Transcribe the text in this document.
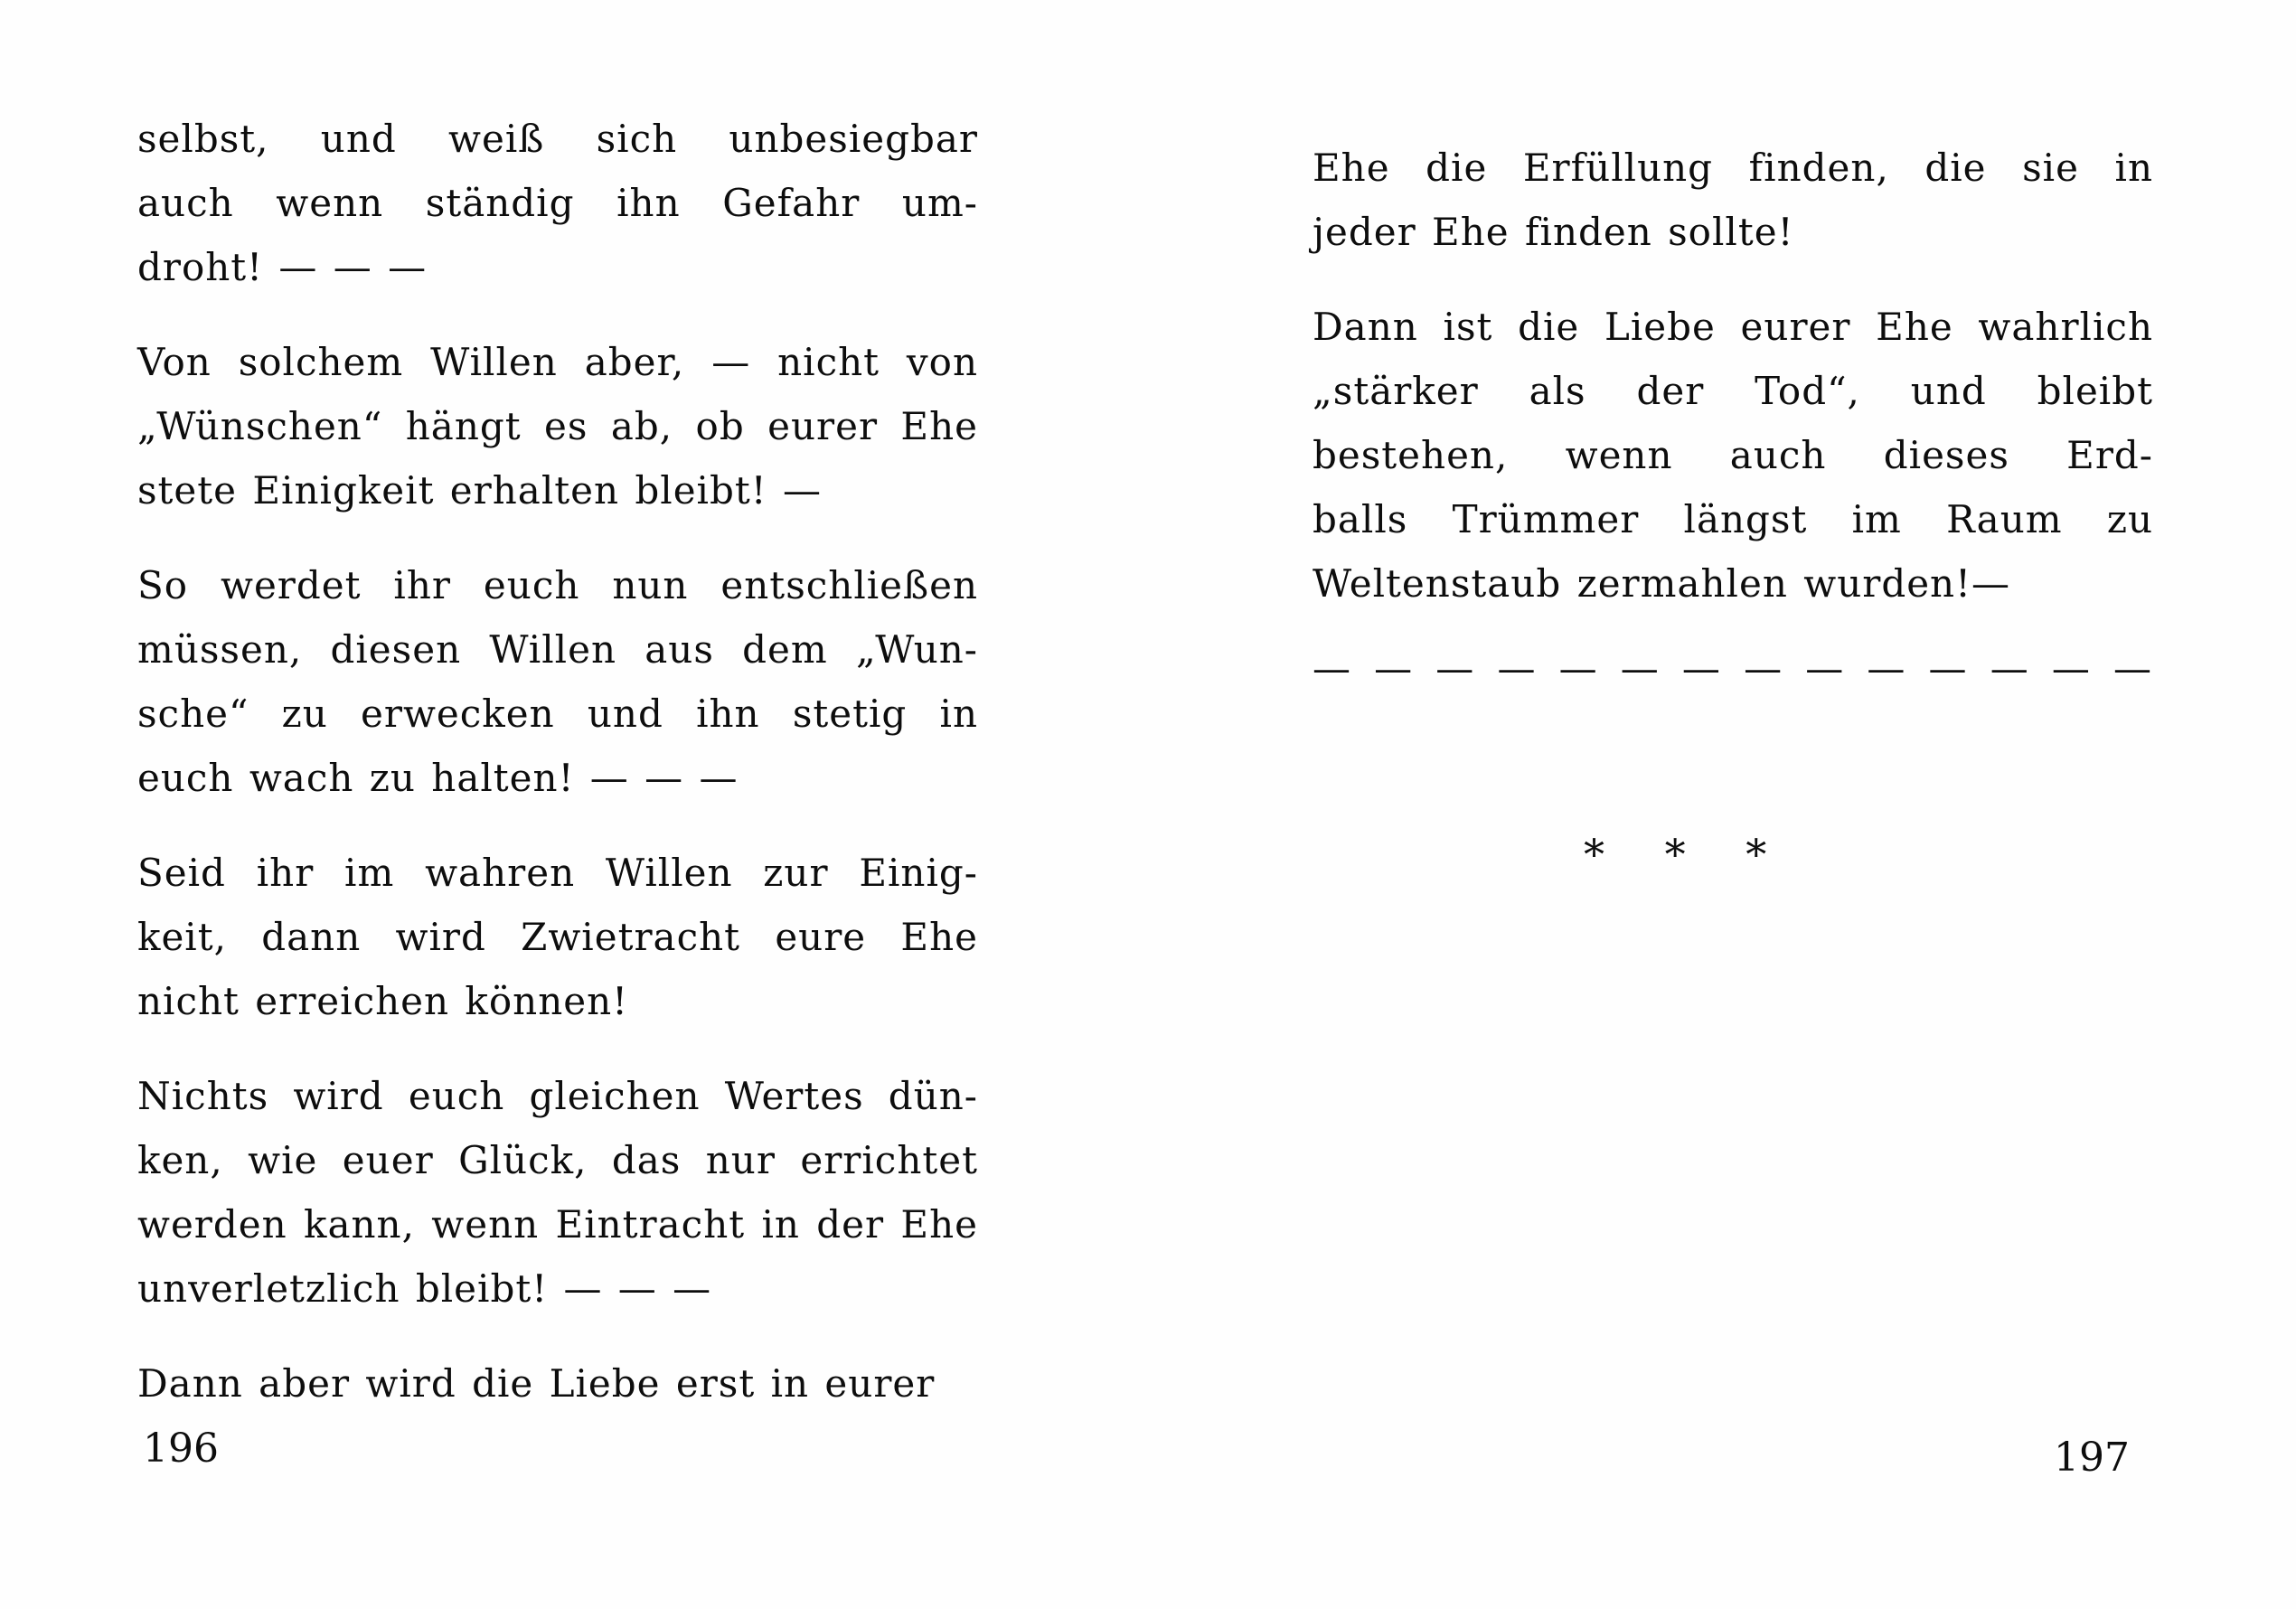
selbst, und weiß sich unbesiegbar
auch wenn ständig ihn Gefahr um-
droht! — — —
Von solchem Willen aber, — nicht von
„Wünschen“ hängt es ab, ob eurer Ehe
stete Einigkeit erhalten bleibt! —
So werdet ihr euch nun entschließen
müssen, diesen Willen aus dem „Wun-
sche“ zu erwecken und ihn stetig in
euch wach zu halten! — — —
Seid ihr im wahren Willen zur Einig-
keit, dann wird Zwietracht eure Ehe
nicht erreichen können!
Nichts wird euch gleichen Wertes dün-
ken, wie euer Glück, das nur errichtet
werden kann, wenn Eintracht in der Ehe
unverletzlich bleibt! — — —
Dann aber wird die Liebe erst in eurer
Ehe die Erfüllung finden, die sie in
jeder Ehe finden sollte!
Dann ist die Liebe eurer Ehe wahrlich
„stärker als der Tod“, und bleibt
bestehen, wenn auch dieses Erd-
balls Trümmer längst im Raum zu
Weltenstaub zermahlen wurden!—
— — — — — — — — — — — — — —
* * *
196	197
